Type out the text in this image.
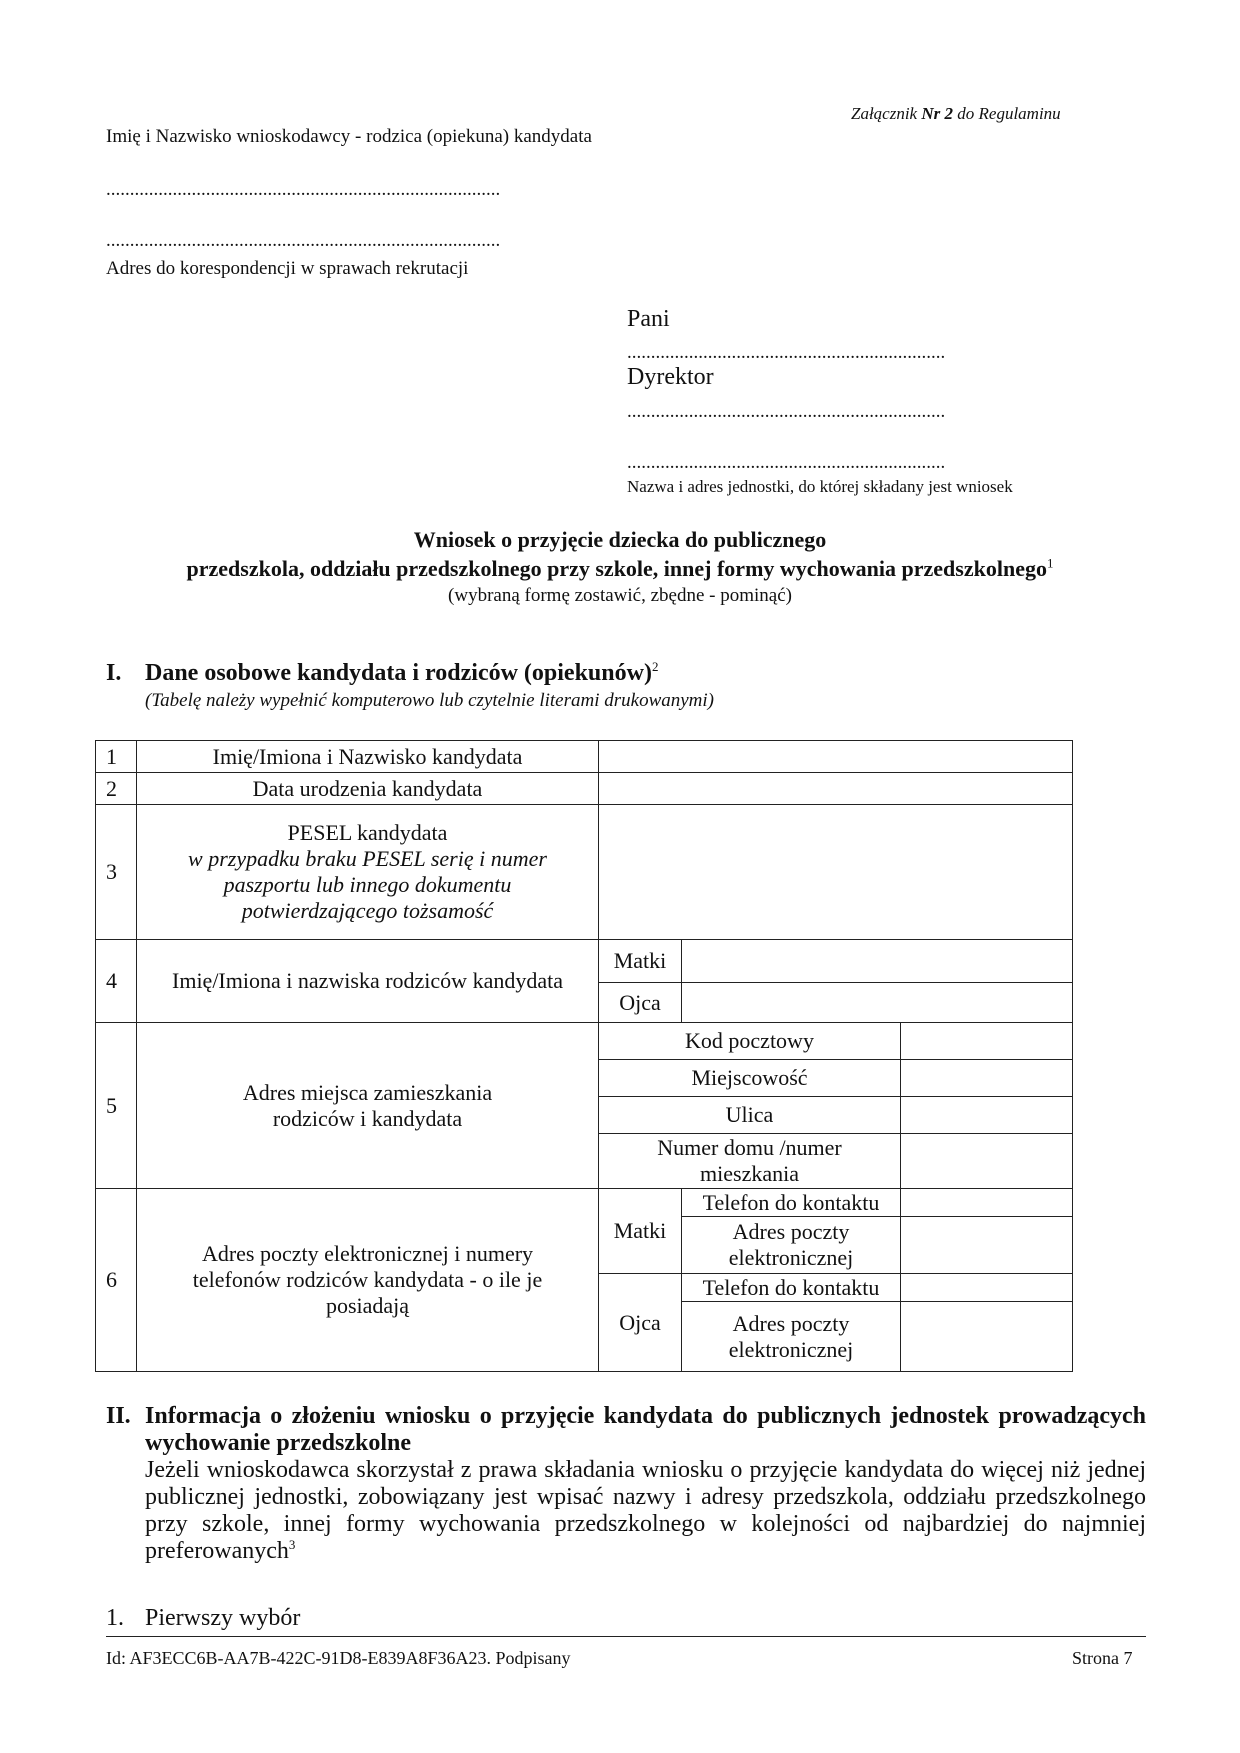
Załącznik Nr 2 do Regulaminu
Imię i Nazwisko wnioskodawcy - rodzica (opiekuna) kandydata
...................................................................................
...................................................................................
Adres do korespondencji w sprawach rekrutacji
Pani
...................................................................
Dyrektor
...................................................................
...................................................................
Nazwa i adres jednostki, do której składany jest wniosek
Wniosek o przyjęcie dziecka do publicznego
przedszkola, oddziału przedszkolnego przy szkole, innej formy wychowania przedszkolnego$^1$
(wybraną formę zostawić, zbędne - pominąć)
I. Dane osobowe kandydata i rodziców (opiekunów)$^2$
(Tabelę należy wypełnić komputerowo lub czytelnie literami drukowanymi)
1	Imię/Imiona i Nazwisko kandydata			
2	Data urodzenia kandydata			
3	PESEL kandydata
w przypadku braku PESEL serię i numer paszportu lub innego dokumentu potwierdzającego tożsamość			

4	Imię/Imiona i nazwiska rodziców kandydata	Matki		
		Ojca		
5	Adres miejsca zamieszkania rodziców i kandydata	Kod pocztowy		
		Miejscowość		
		Ulica		
		Numer domu /numer mieszkania		
6	Adres poczty elektronicznej i numery telefonów rodziców kandydata - o ile je posiadają	Matki	Telefon do kontaktu	
			Adres poczty elektronicznej	
		Ojca	Telefon do kontaktu	
			Adres poczty elektronicznej	
II. Informacja o złożeniu wniosku o przyjęcie kandydata do publicznych jednostek prowadzących wychowanie przedszkolne
Jeżeli wnioskodawca skorzystał z prawa składania wniosku o przyjęcie kandydata do więcej niż jednej publicznej jednostki, zobowiązany jest wpisać nazwy i adresy przedszkola, oddziału przedszkolnego przy szkole, innej formy wychowania przedszkolnego w kolejności od najbardziej do najmniej preferowanych$^3$
1. Pierwszy wybór
Id: AF3ECC6B-AA7B-422C-91D8-E839A8F36A23. Podpisany	Strona 7
